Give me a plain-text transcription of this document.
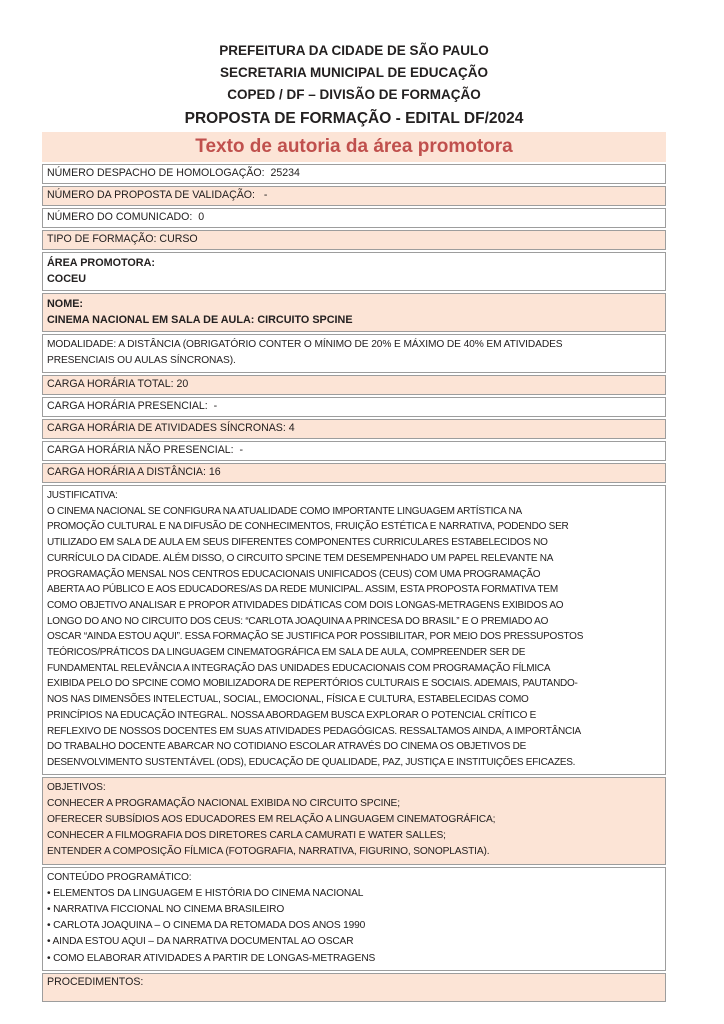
PREFEITURA DA CIDADE DE SÃO PAULO
SECRETARIA MUNICIPAL DE EDUCAÇÃO
COPED / DF – DIVISÃO DE FORMAÇÃO
PROPOSTA DE FORMAÇÃO - EDITAL DF/2024
Texto de autoria da área promotora
NÚMERO DESPACHO DE HOMOLOGAÇÃO:  25234
NÚMERO DA PROPOSTA DE VALIDAÇÃO:   -
NÚMERO DO COMUNICADO:  0
TIPO DE FORMAÇÃO: CURSO
ÁREA PROMOTORA:
COCEU
NOME:
CINEMA NACIONAL EM SALA DE AULA: CIRCUITO SPCINE
MODALIDADE: A DISTÂNCIA (OBRIGATÓRIO CONTER O MÍNIMO DE 20% E MÁXIMO DE 40% EM ATIVIDADES
PRESENCIAIS OU AULAS SÍNCRONAS).
CARGA HORÁRIA TOTAL: 20
CARGA HORÁRIA PRESENCIAL:  -
CARGA HORÁRIA DE ATIVIDADES SÍNCRONAS: 4
CARGA HORÁRIA NÃO PRESENCIAL:  -
CARGA HORÁRIA A DISTÂNCIA: 16
JUSTIFICATIVA:
O CINEMA NACIONAL SE CONFIGURA NA ATUALIDADE COMO IMPORTANTE LINGUAGEM ARTÍSTICA NA
PROMOÇÃO CULTURAL E NA DIFUSÃO DE CONHECIMENTOS, FRUIÇÃO ESTÉTICA E NARRATIVA, PODENDO SER
UTILIZADO EM SALA DE AULA EM SEUS DIFERENTES COMPONENTES CURRICULARES ESTABELECIDOS NO
CURRÍCULO DA CIDADE. ALÉM DISSO, O CIRCUITO SPCINE TEM DESEMPENHADO UM PAPEL RELEVANTE NA
PROGRAMAÇÃO MENSAL NOS CENTROS EDUCACIONAIS UNIFICADOS (CEUS) COM UMA PROGRAMAÇÃO
ABERTA AO PÚBLICO E AOS EDUCADORES/AS DA REDE MUNICIPAL. ASSIM, ESTA PROPOSTA FORMATIVA TEM
COMO OBJETIVO ANALISAR E PROPOR ATIVIDADES DIDÁTICAS COM DOIS LONGAS-METRAGENS EXIBIDOS AO
LONGO DO ANO NO CIRCUITO DOS CEUS: “CARLOTA JOAQUINA A PRINCESA DO BRASIL” E O PREMIADO AO
OSCAR “AINDA ESTOU AQUI”. ESSA FORMAÇÃO SE JUSTIFICA POR POSSIBILITAR, POR MEIO DOS PRESSUPOSTOS
TEÓRICOS/PRÁTICOS DA LINGUAGEM CINEMATOGRÁFICA EM SALA DE AULA, COMPREENDER SER DE
FUNDAMENTAL RELEVÂNCIA A INTEGRAÇÃO DAS UNIDADES EDUCACIONAIS COM PROGRAMAÇÃO FÍLMICA
EXIBIDA PELO DO SPCINE COMO MOBILIZADORA DE REPERTÓRIOS CULTURAIS E SOCIAIS. ADEMAIS, PAUTANDO-
NOS NAS DIMENSÕES INTELECTUAL, SOCIAL, EMOCIONAL, FÍSICA E CULTURA, ESTABELECIDAS COMO
PRINCÍPIOS NA EDUCAÇÃO INTEGRAL. NOSSA ABORDAGEM BUSCA EXPLORAR O POTENCIAL CRÍTICO E
REFLEXIVO DE NOSSOS DOCENTES EM SUAS ATIVIDADES PEDAGÓGICAS. RESSALTAMOS AINDA, A IMPORTÂNCIA
DO TRABALHO DOCENTE ABARCAR NO COTIDIANO ESCOLAR ATRAVÉS DO CINEMA OS OBJETIVOS DE
DESENVOLVIMENTO SUSTENTÁVEL (ODS), EDUCAÇÃO DE QUALIDADE, PAZ, JUSTIÇA E INSTITUIÇÕES EFICAZES.
OBJETIVOS:
CONHECER A PROGRAMAÇÃO NACIONAL EXIBIDA NO CIRCUITO SPCINE;
OFERECER SUBSÍDIOS AOS EDUCADORES EM RELAÇÃO A LINGUAGEM CINEMATOGRÁFICA;
CONHECER A FILMOGRAFIA DOS DIRETORES CARLA CAMURATI E WATER SALLES;
ENTENDER A COMPOSIÇÃO FÍLMICA (FOTOGRAFIA, NARRATIVA, FIGURINO, SONOPLASTIA).
CONTEÚDO PROGRAMÁTICO:
• ELEMENTOS DA LINGUAGEM E HISTÓRIA DO CINEMA NACIONAL
• NARRATIVA FICCIONAL NO CINEMA BRASILEIRO
• CARLOTA JOAQUINA – O CINEMA DA RETOMADA DOS ANOS 1990
• AINDA ESTOU AQUI – DA NARRATIVA DOCUMENTAL AO OSCAR
• COMO ELABORAR ATIVIDADES A PARTIR DE LONGAS-METRAGENS
PROCEDIMENTOS:
